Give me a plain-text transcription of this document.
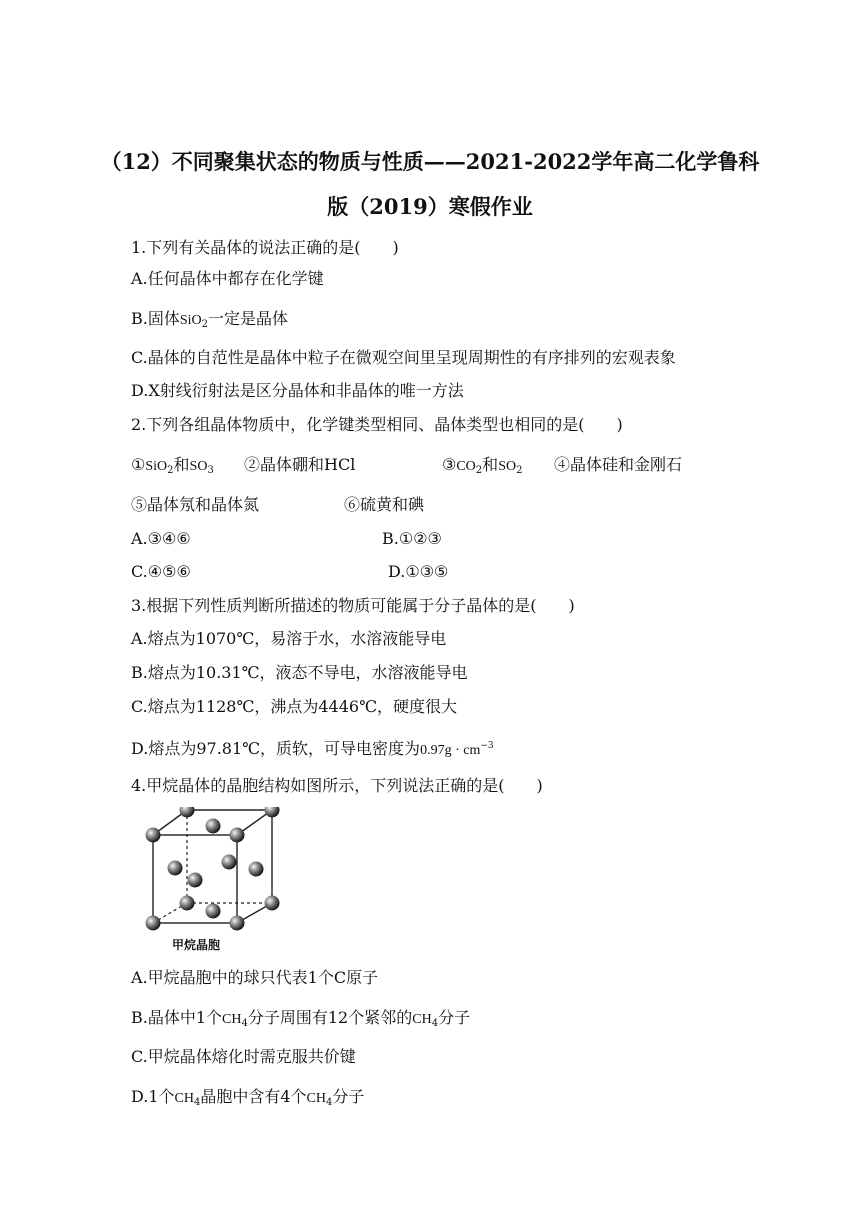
（12）不同聚集状态的物质与性质——2021-2022学年高二化学鲁科
版（2019）寒假作业
1.下列有关晶体的说法正确的是(　　)
A.任何晶体中都存在化学键
B.固体SiO$_2$一定是晶体
C.晶体的自范性是晶体中粒子在微观空间里呈现周期性的有序排列的宏观表象
D.X射线衍射法是区分晶体和非晶体的唯一方法
2.下列各组晶体物质中，化学键类型相同、晶体类型也相同的是(　　)
①SiO$_2$和$SO_3$ ②晶体硼和HCl	$③CO_2$和$SO_2$ ④晶体硅和金刚石
⑤晶体氖和晶体氮	⑥硫黄和碘
A.③④⑥	B.①②③
C.④⑤⑥	D.①③⑤
3.根据下列性质判断所描述的物质可能属于分子晶体的是(　　)
A.熔点为1070℃，易溶于水，水溶液能导电
B.熔点为10.31℃，液态不导电，水溶液能导电
C.熔点为1128℃，沸点为4446℃，硬度很大
D.熔点为97.81℃，质软，可导电密度为$0.97g \cdot cm^{-3}$
4.甲烷晶体的晶胞结构如图所示，下列说法正确的是(　　)
甲烷晶胞
A.甲烷晶胞中的球只代表1个C原子
B.晶体中1个$CH_4$分子周围有12个紧邻的$CH_4$分子
C.甲烷晶体熔化时需克服共价键
D.1个$CH_4$晶胞中含有4个$CH_4$分子
